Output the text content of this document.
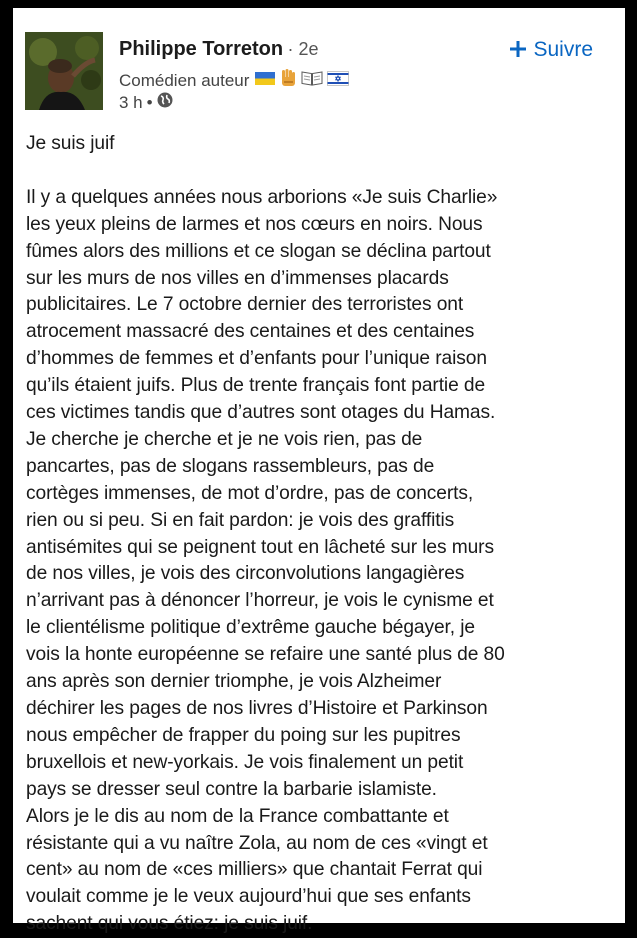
Philippe Torreton · 2e
Comédien auteur
3 h •
Suivre

Je suis juif

Il y a quelques années nous arborions «Je suis Charlie»

les yeux pleins de larmes et nos cœurs en noirs. Nous

fûmes alors des millions et ce slogan se déclina partout

sur les murs de nos villes en d’immenses placards

publicitaires. Le 7 octobre dernier des terroristes ont

atrocement massacré des centaines et des centaines

d’hommes de femmes et d’enfants pour l’unique raison

qu’ils étaient juifs. Plus de trente français font partie de

ces victimes tandis que d’autres sont otages du Hamas.

Je cherche je cherche et je ne vois rien, pas de

pancartes, pas de slogans rassembleurs, pas de

cortèges immenses, de mot d’ordre, pas de concerts,

rien ou si peu. Si en fait pardon: je vois des graffitis

antisémites qui se peignent tout en lâcheté sur les murs

de nos villes, je vois des circonvolutions langagières

n’arrivant pas à dénoncer l’horreur, je vois le cynisme et

le clientélisme politique d’extrême gauche bégayer, je

vois la honte européenne se refaire une santé plus de 80

ans après son dernier triomphe, je vois Alzheimer

déchirer les pages de nos livres d’Histoire et Parkinson

nous empêcher de frapper du poing sur les pupitres

bruxellois et new-yorkais. Je vois finalement un petit

pays se dresser seul contre la barbarie islamiste.

Alors je le dis au nom de la France combattante et

résistante qui a vu naître Zola, au nom de ces «vingt et

cent» au nom de «ces milliers» que chantait Ferrat qui

voulait comme je le veux aujourd’hui que ses enfants

sachent qui vous étiez: je suis juif.
